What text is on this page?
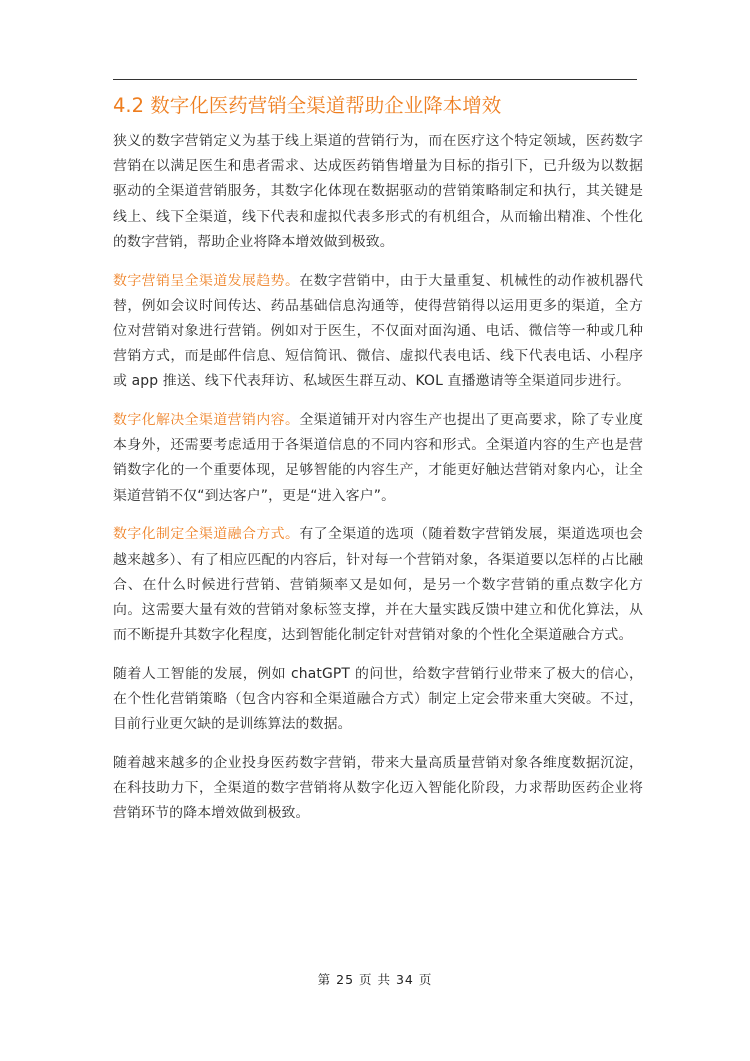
4.2 数字化医药营销全渠道帮助企业降本增效

狭义的数字营销定义为基于线上渠道的营销行为，而在医疗这个特定领域，医药数字营销在以满足医生和患者需求、达成医药销售增量为目标的指引下，已升级为以数据驱动的全渠道营销服务，其数字化体现在数据驱动的营销策略制定和执行，其关键是线上、线下全渠道，线下代表和虚拟代表多形式的有机组合，从而输出精准、个性化的数字营销，帮助企业将降本增效做到极致。

数字营销呈全渠道发展趋势。在数字营销中，由于大量重复、机械性的动作被机器代替，例如会议时间传达、药品基础信息沟通等，使得营销得以运用更多的渠道，全方位对营销对象进行营销。例如对于医生，不仅面对面沟通、电话、微信等一种或几种营销方式，而是邮件信息、短信简讯、微信、虚拟代表电话、线下代表电话、小程序或 app 推送、线下代表拜访、私域医生群互动、KOL 直播邀请等全渠道同步进行。

数字化解决全渠道营销内容。全渠道铺开对内容生产也提出了更高要求，除了专业度本身外，还需要考虑适用于各渠道信息的不同内容和形式。全渠道内容的生产也是营销数字化的一个重要体现，足够智能的内容生产，才能更好触达营销对象内心，让全渠道营销不仅“到达客户”，更是“进入客户”。

数字化制定全渠道融合方式。有了全渠道的选项（随着数字营销发展，渠道选项也会越来越多）、有了相应匹配的内容后，针对每一个营销对象，各渠道要以怎样的占比融合、在什么时候进行营销、营销频率又是如何，是另一个数字营销的重点数字化方向。这需要大量有效的营销对象标签支撑，并在大量实践反馈中建立和优化算法，从而不断提升其数字化程度，达到智能化制定针对营销对象的个性化全渠道融合方式。

随着人工智能的发展，例如 chatGPT 的问世，给数字营销行业带来了极大的信心，在个性化营销策略（包含内容和全渠道融合方式）制定上定会带来重大突破。不过，目前行业更欠缺的是训练算法的数据。

随着越来越多的企业投身医药数字营销，带来大量高质量营销对象各维度数据沉淀，在科技助力下，全渠道的数字营销将从数字化迈入智能化阶段，力求帮助医药企业将营销环节的降本增效做到极致。

第 25 页 共 34 页
